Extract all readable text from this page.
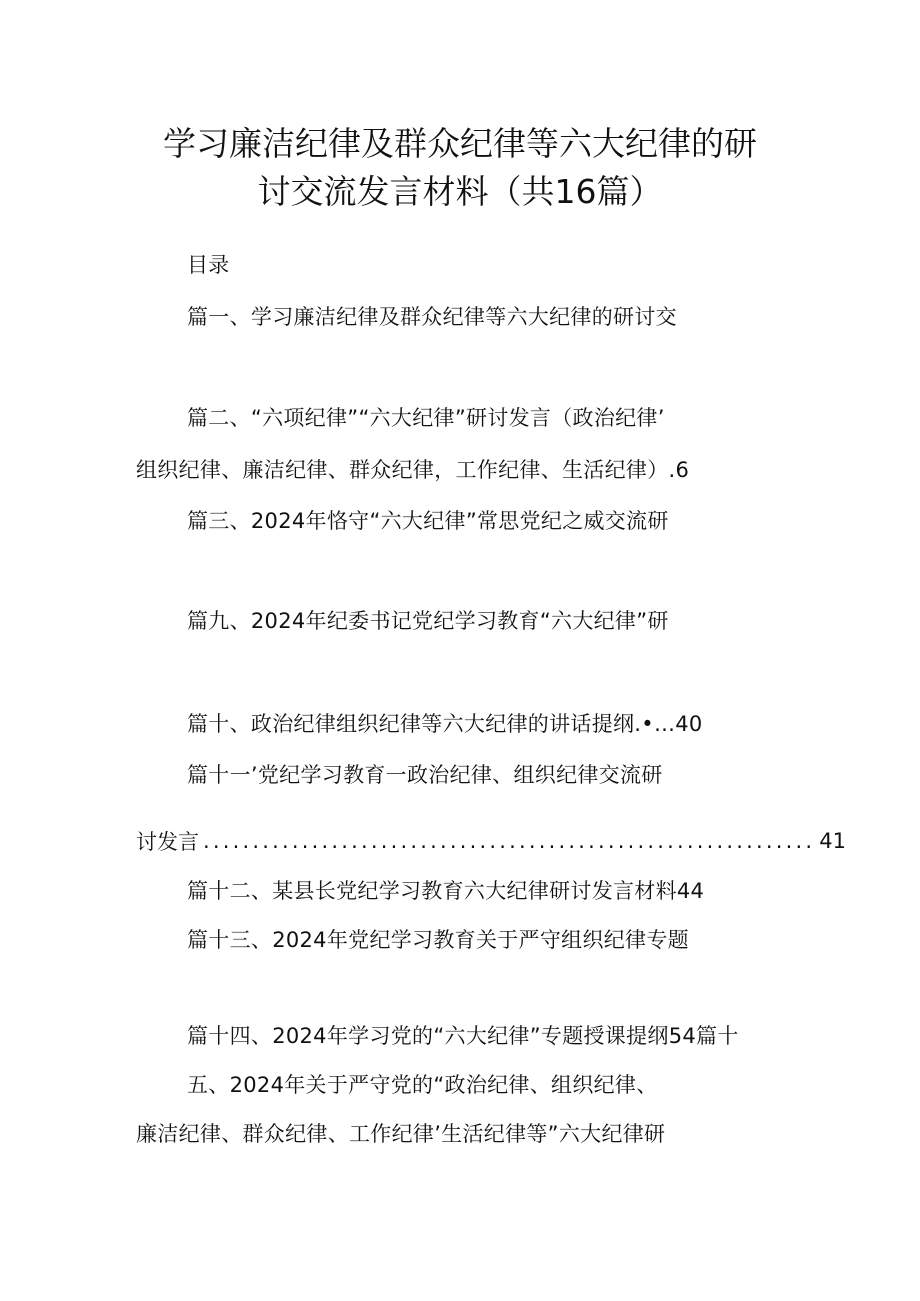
学习廉洁纪律及群众纪律等六大纪律的研
讨交流发言材料（共16篇）
目录
篇一、学习廉洁纪律及群众纪律等六大纪律的研讨交
篇二、“六项纪律”“六大纪律”研讨发言（政治纪律’
组织纪律、廉洁纪律、群众纪律，工作纪律、生活纪律）.6
篇三、2024年恪守“六大纪律”常思党纪之威交流研
篇九、2024年纪委书记党纪学习教育“六大纪律”研
篇十、政治纪律组织纪律等六大纪律的讲话提纲.•…40
篇十一’党纪学习教育一政治纪律、组织纪律交流研
讨发言 .............................................................. 41
篇十二、某县长党纪学习教育六大纪律研讨发言材料44
篇十三、2024年党纪学习教育关于严守组织纪律专题
篇十四、2024年学习党的“六大纪律”专题授课提纲54篇十
五、2024年关于严守党的“政治纪律、组织纪律、
廉洁纪律、群众纪律、工作纪律’生活纪律等”六大纪律研
